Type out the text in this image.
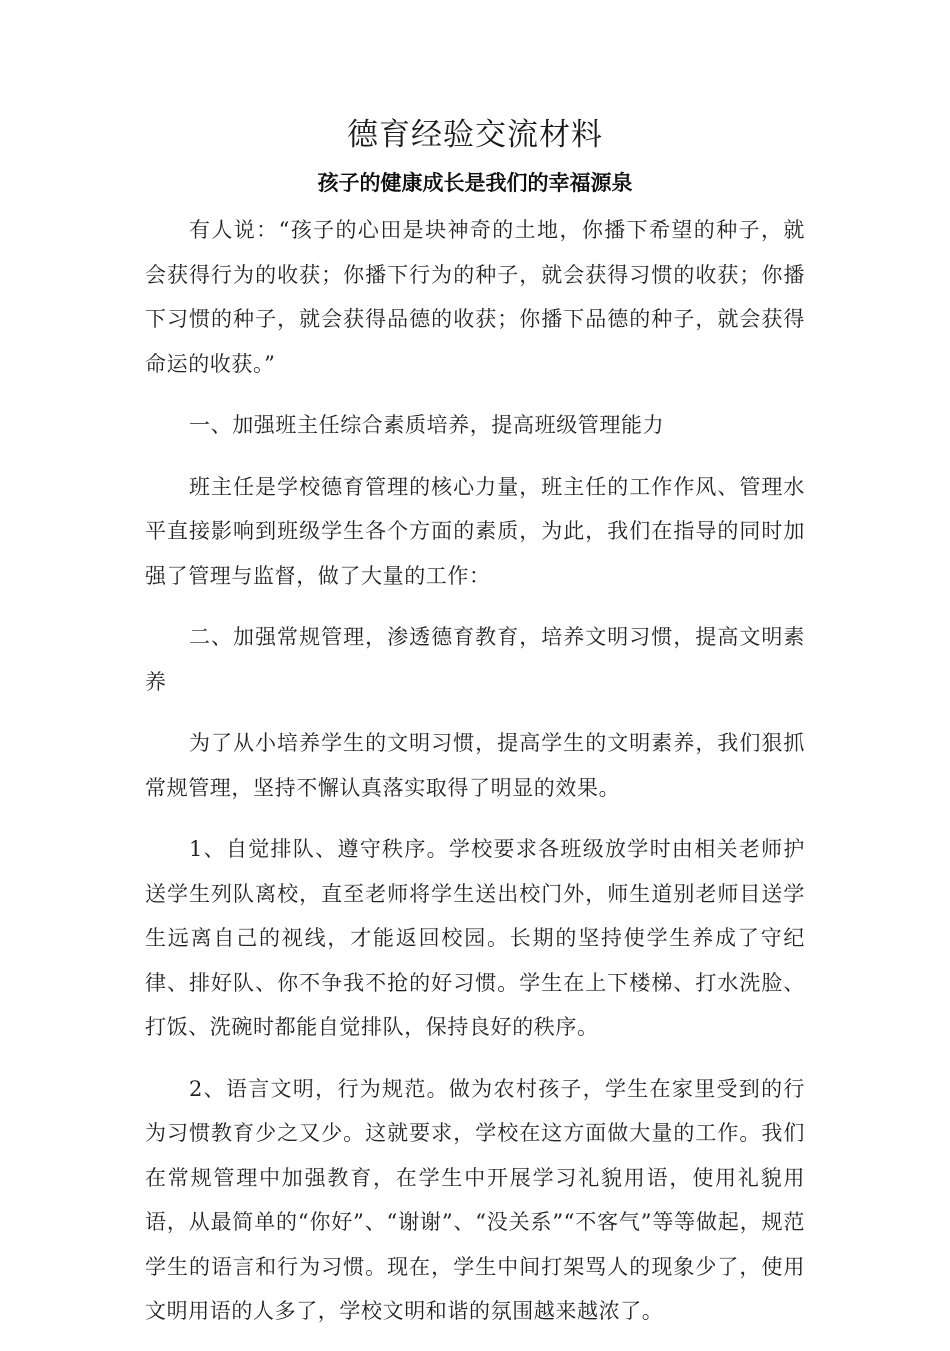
德育经验交流材料
孩子的健康成长是我们的幸福源泉

有人说：“孩子的心田是块神奇的土地，你播下希望的种子，就会获得行为的收获；你播下行为的种子，就会获得习惯的收获；你播下习惯的种子，就会获得品德的收获；你播下品德的种子，就会获得命运的收获。”

一、加强班主任综合素质培养，提高班级管理能力

班主任是学校德育管理的核心力量，班主任的工作作风、管理水平直接影响到班级学生各个方面的素质，为此，我们在指导的同时加强了管理与监督，做了大量的工作：

二、加强常规管理，渗透德育教育，培养文明习惯，提高文明素养

为了从小培养学生的文明习惯，提高学生的文明素养，我们狠抓常规管理，坚持不懈认真落实取得了明显的效果。

1、自觉排队、遵守秩序。学校要求各班级放学时由相关老师护送学生列队离校，直至老师将学生送出校门外，师生道别老师目送学生远离自己的视线，才能返回校园。长期的坚持使学生养成了守纪律、排好队、你不争我不抢的好习惯。学生在上下楼梯、打水洗脸、打饭、洗碗时都能自觉排队，保持良好的秩序。

2、语言文明，行为规范。做为农村孩子，学生在家里受到的行为习惯教育少之又少。这就要求，学校在这方面做大量的工作。我们在常规管理中加强教育，在学生中开展学习礼貌用语，使用礼貌用语，从最简单的“你好”、“谢谢”、“没关系”“不客气”等等做起，规范学生的语言和行为习惯。现在，学生中间打架骂人的现象少了，使用文明用语的人多了，学校文明和谐的氛围越来越浓了。
